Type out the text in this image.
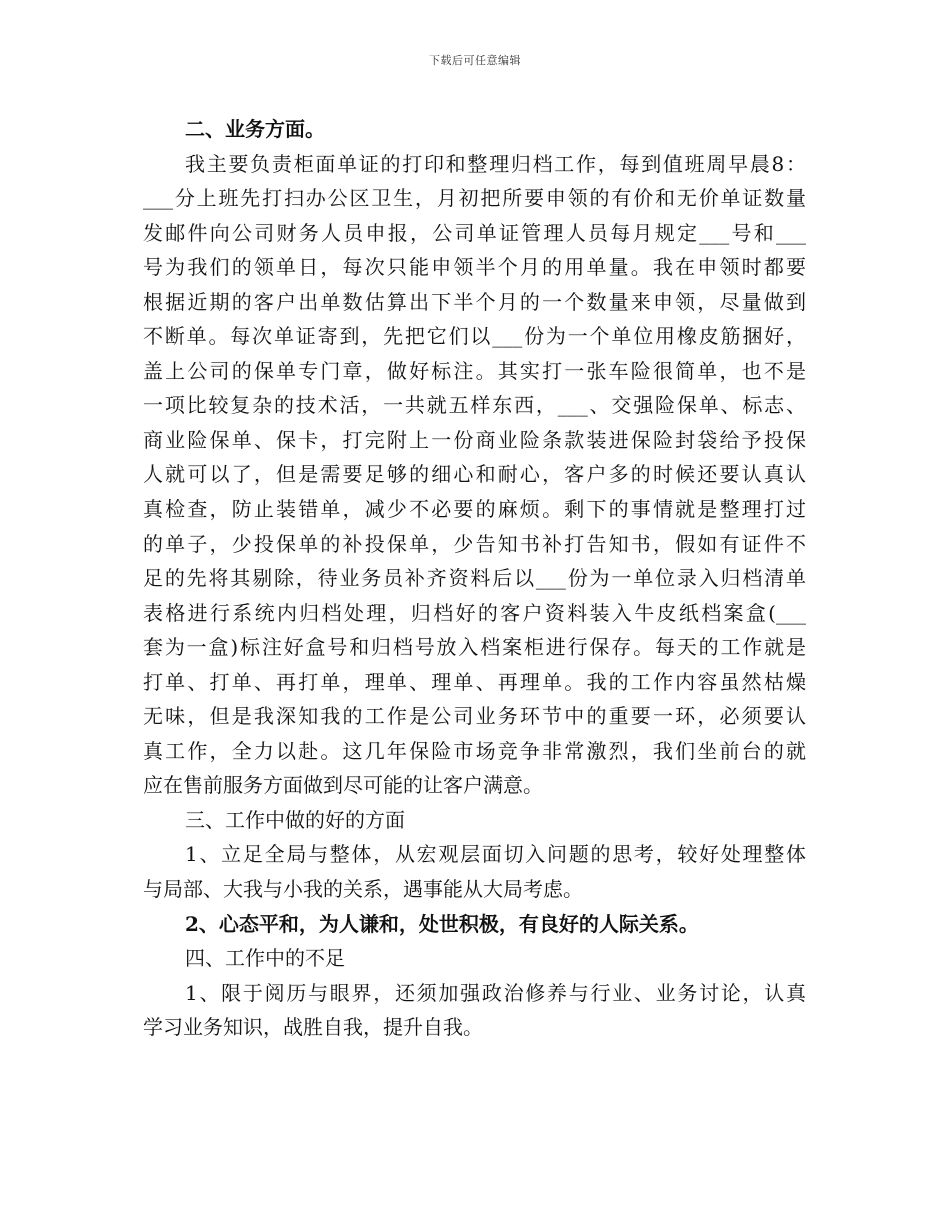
下载后可任意编辑
二、业务方面。
我主要负责柜面单证的打印和整理归档工作，每到值班周早晨8：
___分上班先打扫办公区卫生，月初把所要申领的有价和无价单证数量
发邮件向公司财务人员申报，公司单证管理人员每月规定___号和___
号为我们的领单日，每次只能申领半个月的用单量。我在申领时都要
根据近期的客户出单数估算出下半个月的一个数量来申领，尽量做到
不断单。每次单证寄到，先把它们以___份为一个单位用橡皮筋捆好，
盖上公司的保单专门章，做好标注。其实打一张车险很简单，也不是
一项比较复杂的技术活，一共就五样东西，___、交强险保单、标志、
商业险保单、保卡，打完附上一份商业险条款装进保险封袋给予投保
人就可以了，但是需要足够的细心和耐心，客户多的时候还要认真认
真检查，防止装错单，减少不必要的麻烦。剩下的事情就是整理打过
的单子，少投保单的补投保单，少告知书补打告知书，假如有证件不
足的先将其剔除，待业务员补齐资料后以___份为一单位录入归档清单
表格进行系统内归档处理，归档好的客户资料装入牛皮纸档案盒(___
套为一盒)标注好盒号和归档号放入档案柜进行保存。每天的工作就是
打单、打单、再打单，理单、理单、再理单。我的工作内容虽然枯燥
无味，但是我深知我的工作是公司业务环节中的重要一环，必须要认
真工作，全力以赴。这几年保险市场竞争非常激烈，我们坐前台的就
应在售前服务方面做到尽可能的让客户满意。
三、工作中做的好的方面
1、立足全局与整体，从宏观层面切入问题的思考，较好处理整体
与局部、大我与小我的关系，遇事能从大局考虑。
2、心态平和，为人谦和，处世积极，有良好的人际关系。
四、工作中的不足
1、限于阅历与眼界，还须加强政治修养与行业、业务讨论，认真
学习业务知识，战胜自我，提升自我。
